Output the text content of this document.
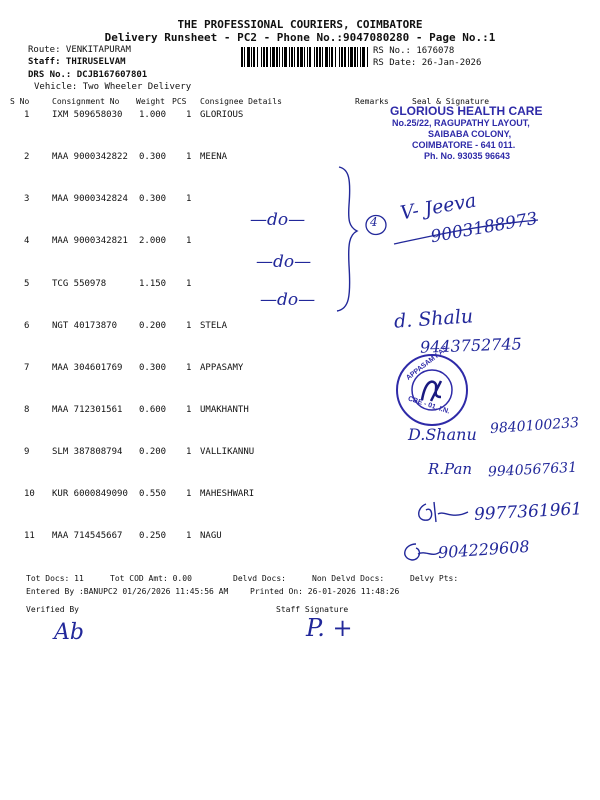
THE PROFESSIONAL COURIERS, COIMBATORE
Delivery Runsheet - PC2 - Phone No.:9047080280 - Page No.:1
Route: VENKITAPURAM
Staff: THIRUSELVAM
DRS No.: DCJB167607801
Vehicle: Two Wheeler Delivery
RS No.: 1676078
RS Date: 26-Jan-2026
S No	Consignment No Weight PCS Consignee Details	Remarks	Seal & Signature
1	IXM 509658030 1.000 1 GLORIOUS
2	MAA 9000342822 0.300 1 MEENA
3	MAA 9000342824 0.300 1
4	MAA 9000342821 2.000 1
5	TCG 550978	1.150 1
6	NGT 40173870 0.200 1 STELA
7	MAA 304601769 0.300 1 APPASAMY
8	MAA 712301561 0.600 1 UMAKHANTH
9	SLM 387808794 0.200 1 VALLIKANNU
10 KUR 6000849090 0.550 1 MAHESHWARI
11 MAA 714545667 0.250 1 NAGU
GLORIOUS HEALTH CARE
No.25/22, RAGUPATHY LAYOUT,
SAIBABA COLONY,
COIMBATORE - 641 011.
Ph. No. 93035 96643
—do—
—do—
—do—
4 V- Jeeva
9003188973
d. Shalu
9443752745
APPASAMY AS
CBE - 01, I.N.
D.Shanu 9840100233
R.Pan 9940567631
9977361961
904229608
Tot Docs: 11	Tot COD Amt: 0.00	Delvd Docs:	Non Delvd Docs:	Delvy Pts:
Entered By :BANUPC2 01/26/2026 11:45:56 AM	Printed On: 26-01-2026 11:48:26
Verified By	Staff Signature
Ab	P. +
